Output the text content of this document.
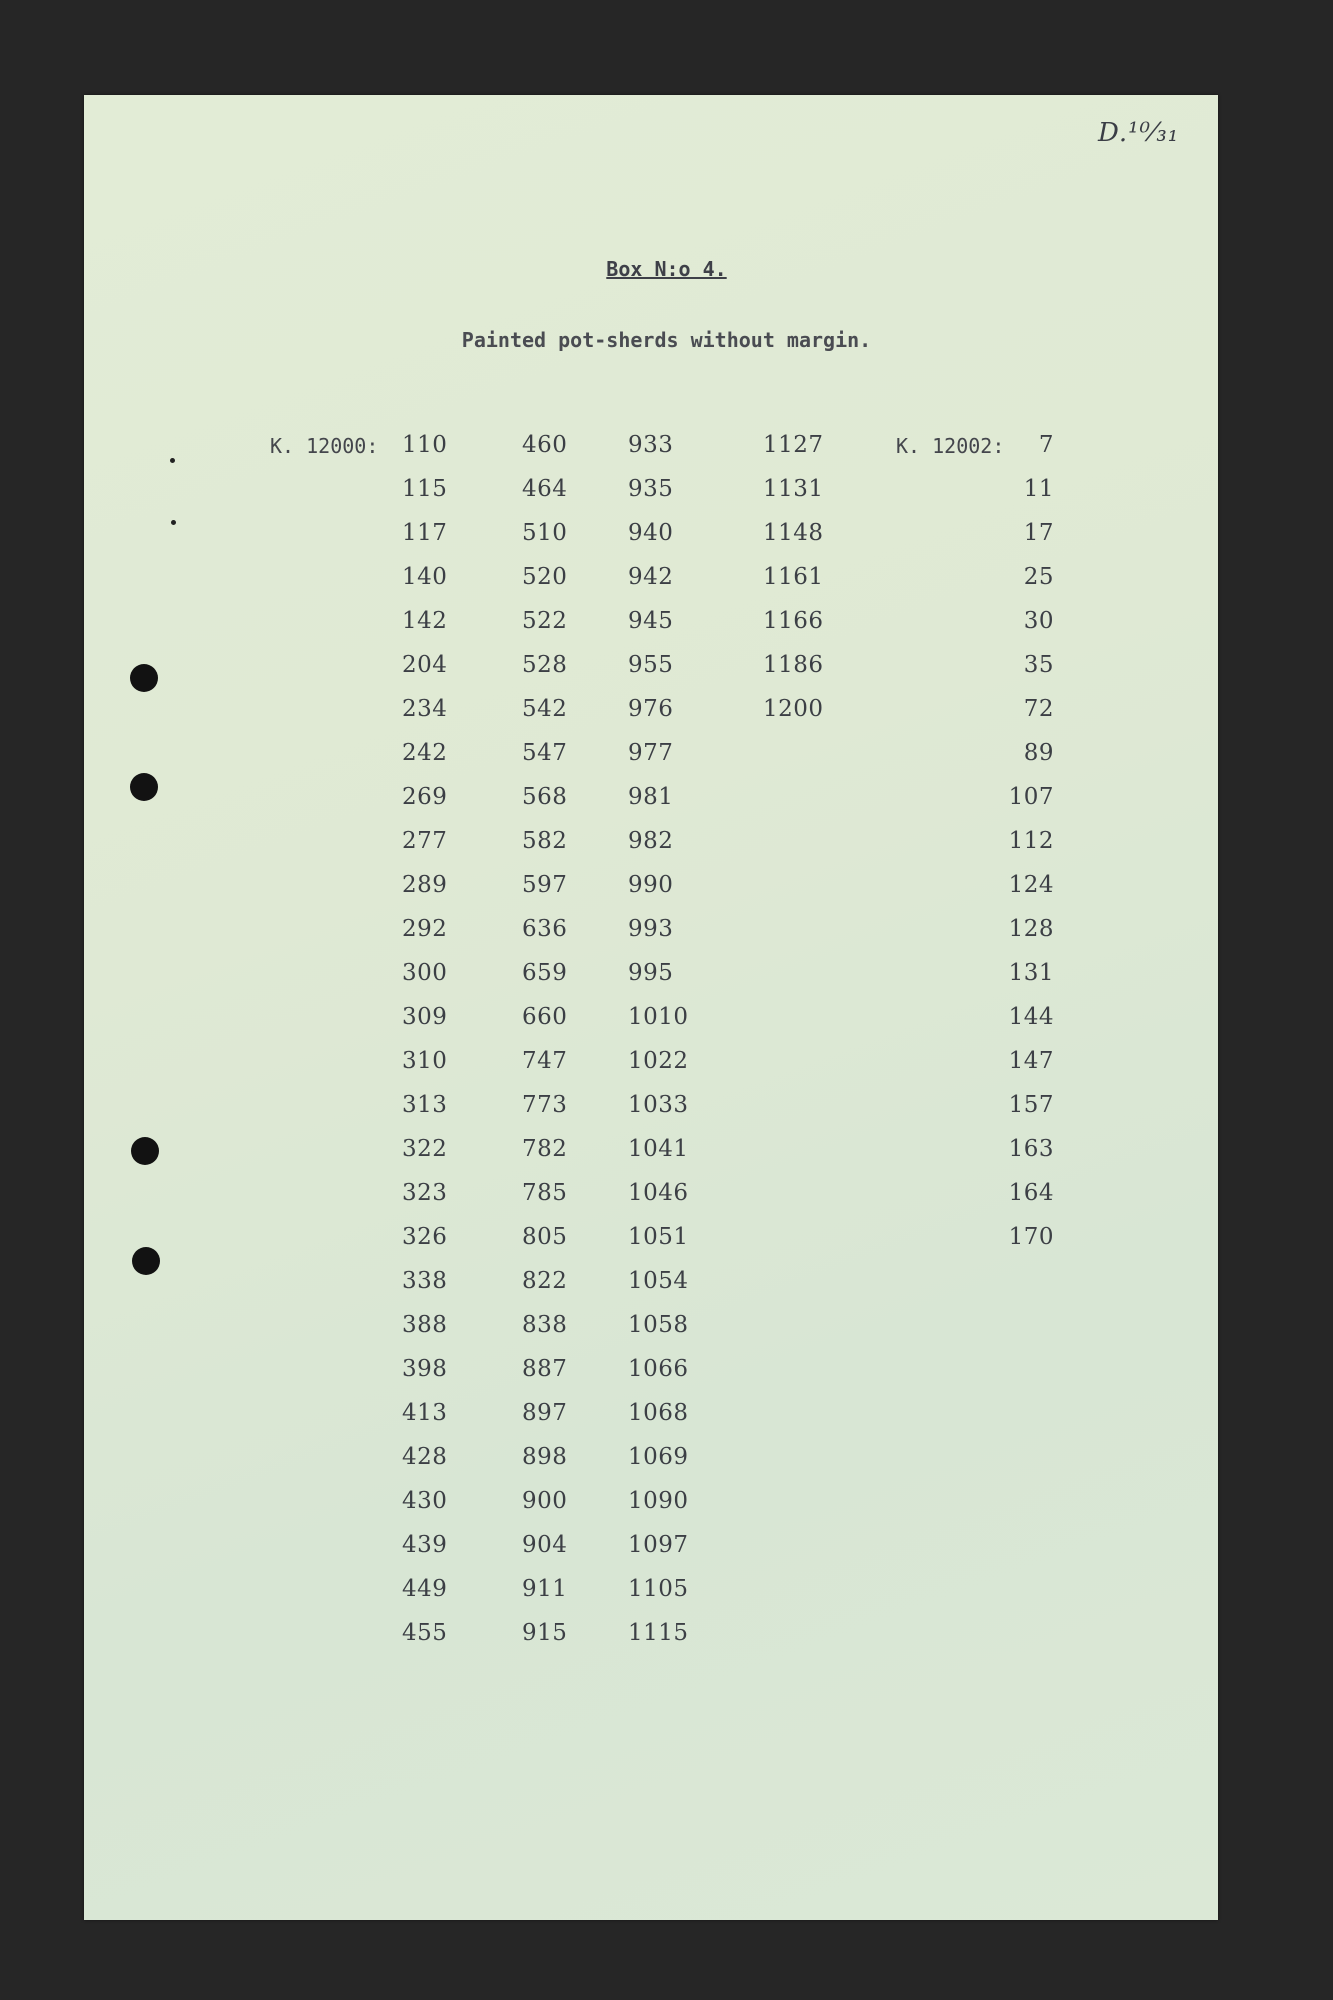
D.¹⁰⁄₃₁
Box N:o 4.
Painted pot-sherds without margin.
K. 12000: 110
115
117
140
142
204
234
242
269
277
289
292
300
309
310
313
322
323
326
338
388
398
413
428
430
439
449
455
460
464
510
520
522
528
542
547
568
582
597
636
659
660
747
773
782
785
805
822
838
887
897
898
900
904
911
915
933
935
940
942
945
955
976
977
981
982
990
993
995
1010
1022
1033
1041
1046
1051
1054
1058
1066
1068
1069
1090
1097
1105
1115
1127
1131
1148
1161
1166
1186
1200
K. 12002:	7
11
17
25
30
35
72
89
107
112
124
128
131
144
147
157
163
164
170
